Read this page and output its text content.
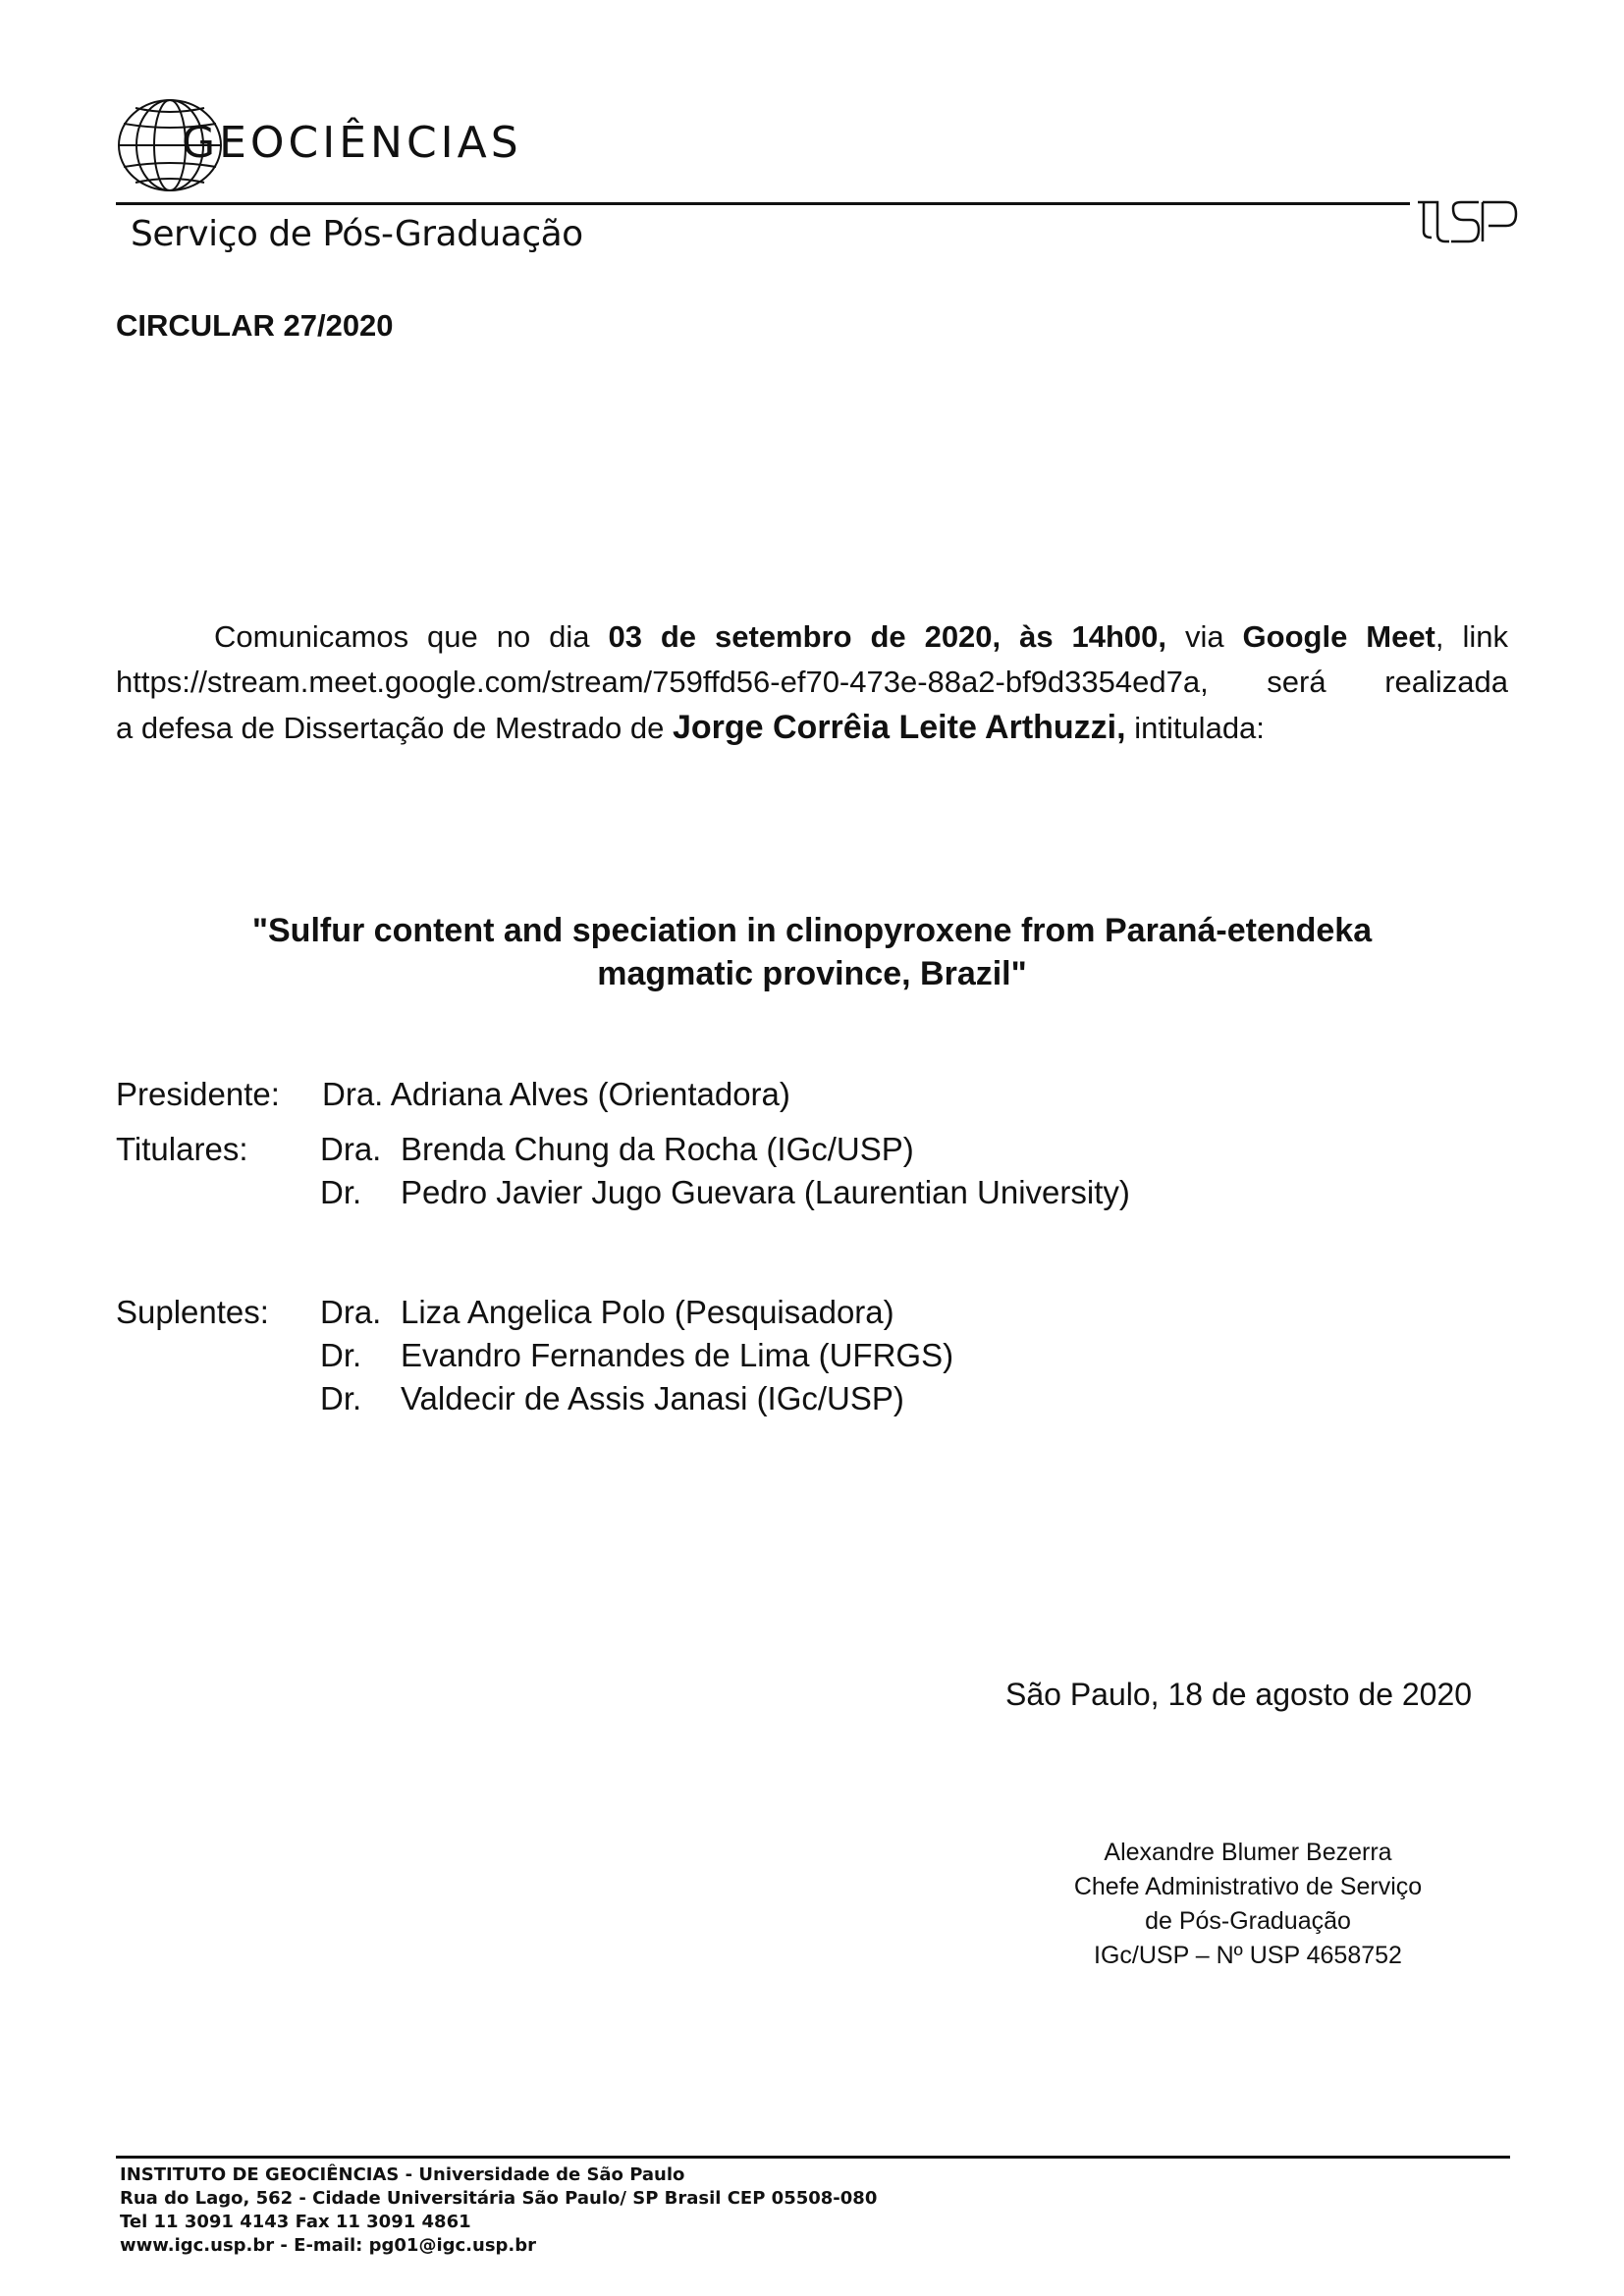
GEOCIÊNCIAS
Serviço de Pós-Graduação
CIRCULAR 27/2020
Comunicamos que no dia 03 de setembro de 2020, às 14h00, via Google Meet, link
https://stream.meet.google.com/stream/759ffd56-ef70-473e-88a2-bf9d3354ed7a, será realizada
a defesa de Dissertação de Mestrado de Jorge Corrêia Leite Arthuzzi, intitulada:
"Sulfur content and speciation in clinopyroxene from Paraná-etendeka
magmatic province, Brazil"
Presidente: Dra. Adriana Alves (Orientadora)
Titulares: Dra. Brenda Chung da Rocha (IGc/USP)
Dr. Pedro Javier Jugo Guevara (Laurentian University)
Suplentes: Dra. Liza Angelica Polo (Pesquisadora)
Dr. Evandro Fernandes de Lima (UFRGS)
Dr. Valdecir de Assis Janasi (IGc/USP)
São Paulo, 18 de agosto de 2020
Alexandre Blumer Bezerra
Chefe Administrativo de Serviço
de Pós-Graduação
IGc/USP – Nº USP 4658752
INSTITUTO DE GEOCIÊNCIAS - Universidade de São Paulo
Rua do Lago, 562 - Cidade Universitária São Paulo/ SP Brasil CEP 05508-080
Tel 11 3091 4143 Fax 11 3091 4861
www.igc.usp.br - E-mail: pg01@igc.usp.br
